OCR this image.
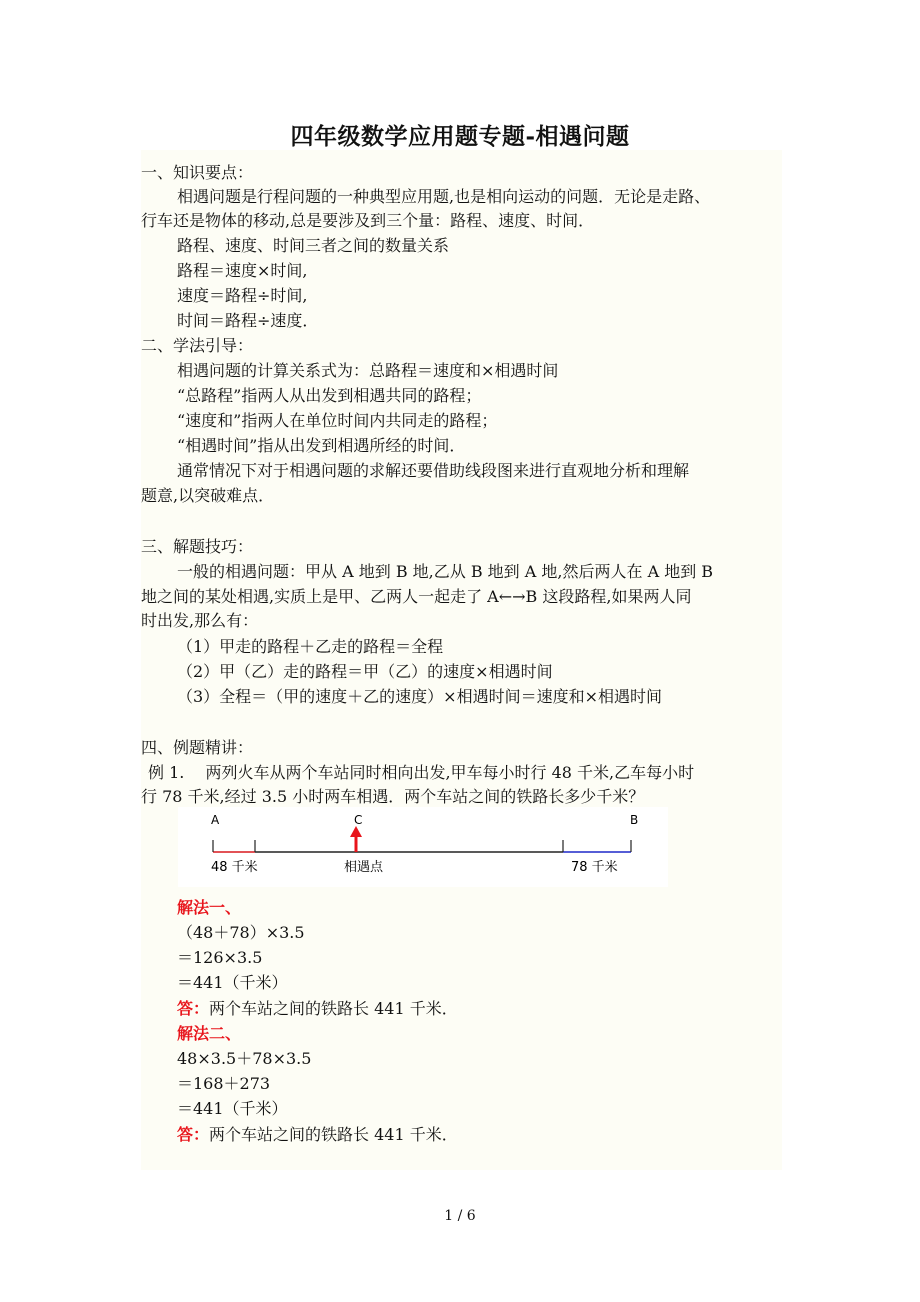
四年级数学应用题专题-相遇问题
一、知识要点：
相遇问题是行程问题的一种典型应用题,也是相向运动的问题．无论是走路、
行车还是物体的移动,总是要涉及到三个量：路程、速度、时间．
路程、速度、时间三者之间的数量关系
路程＝速度×时间,
速度＝路程÷时间,
时间＝路程÷速度．
二、学法引导：
相遇问题的计算关系式为：总路程＝速度和×相遇时间
“总路程”指两人从出发到相遇共同的路程；
“速度和”指两人在单位时间内共同走的路程；
“相遇时间”指从出发到相遇所经的时间．
通常情况下对于相遇问题的求解还要借助线段图来进行直观地分析和理解
题意,以突破难点．
三、解题技巧：
一般的相遇问题：甲从 A 地到 B 地,乙从 B 地到 A 地,然后两人在 A 地到 B
地之间的某处相遇,实质上是甲、乙两人一起走了 A←→B 这段路程,如果两人同
时出发,那么有：
（1）甲走的路程＋乙走的路程＝全程
（2）甲（乙）走的路程＝甲（乙）的速度×相遇时间
（3）全程＝（甲的速度＋乙的速度）×相遇时间＝速度和×相遇时间
四、例题精讲：
例 1.　 两列火车从两个车站同时相向出发,甲车每小时行 48 千米,乙车每小时
行 78 千米,经过 3.5 小时两车相遇．两个车站之间的铁路长多少千米？
A	C	B
48 千米	相遇点	78 千米
解法一、
（48＋78）×3.5
＝126×3.5
＝441（千米）
答：两个车站之间的铁路长 441 千米．
解法二、
48×3.5＋78×3.5
＝168＋273
＝441（千米）
答：两个车站之间的铁路长 441 千米．
1 / 6
